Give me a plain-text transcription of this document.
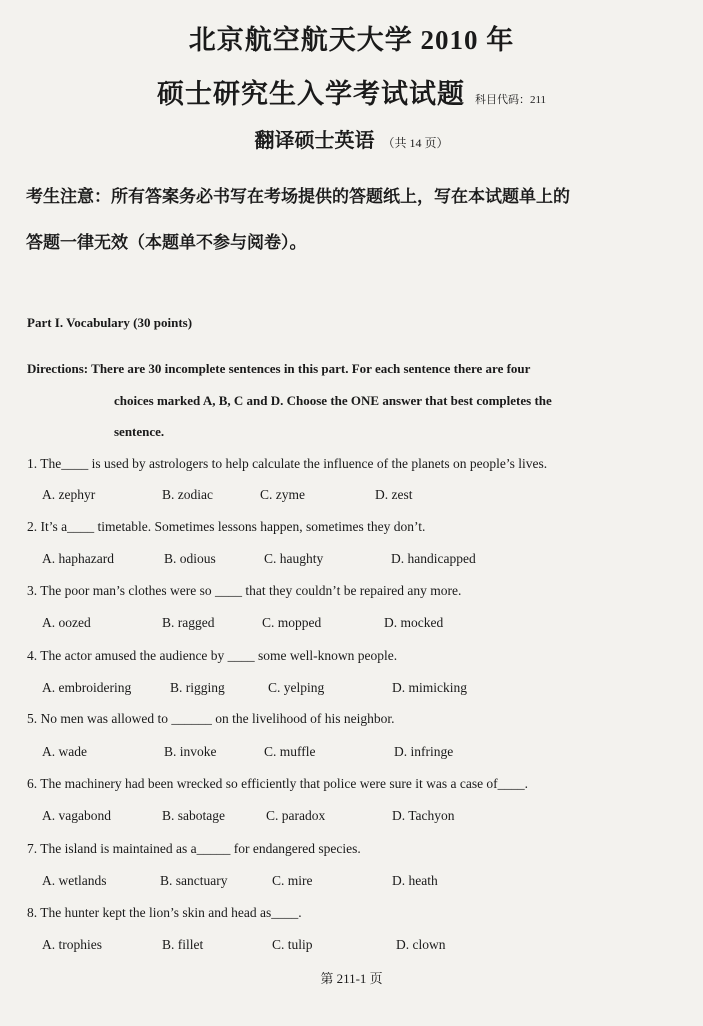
北京航空航天大学 2010 年
硕士研究生入学考试试题 科目代码：211
翻译硕士英语 （共 14 页）
考生注意：所有答案务必书写在考场提供的答题纸上，写在本试题单上的
答题一律无效（本题单不参与阅卷）。
Part I. Vocabulary (30 points)
Directions: There are 30 incomplete sentences in this part. For each sentence there are four
choices marked A, B, C and D. Choose the ONE answer that best completes the
sentence.
1. The____ is used by astrologers to help calculate the influence of the planets on people’s lives.
A. zephyr	B. zodiac	C. zyme	D. zest
2. It’s a____ timetable. Sometimes lessons happen, sometimes they don’t.
A. haphazard	B. odious	C. haughty	D. handicapped
3. The poor man’s clothes were so ____ that they couldn’t be repaired any more.
A. oozed	B. ragged	C. mopped	D. mocked
4. The actor amused the audience by ____ some well-known people.
A. embroidering	B. rigging	C. yelping	D. mimicking
5. No men was allowed to ______ on the livelihood of his neighbor.
A. wade	B. invoke	C. muffle	D. infringe
6. The machinery had been wrecked so efficiently that police were sure it was a case of____.
A. vagabond	B. sabotage	C. paradox	D. Tachyon
7. The island is maintained as a_____ for endangered species.
A. wetlands	B. sanctuary	C. mire	D. heath
8. The hunter kept the lion’s skin and head as____.
A. trophies	B. fillet	C. tulip	D. clown
第 211-1 页
